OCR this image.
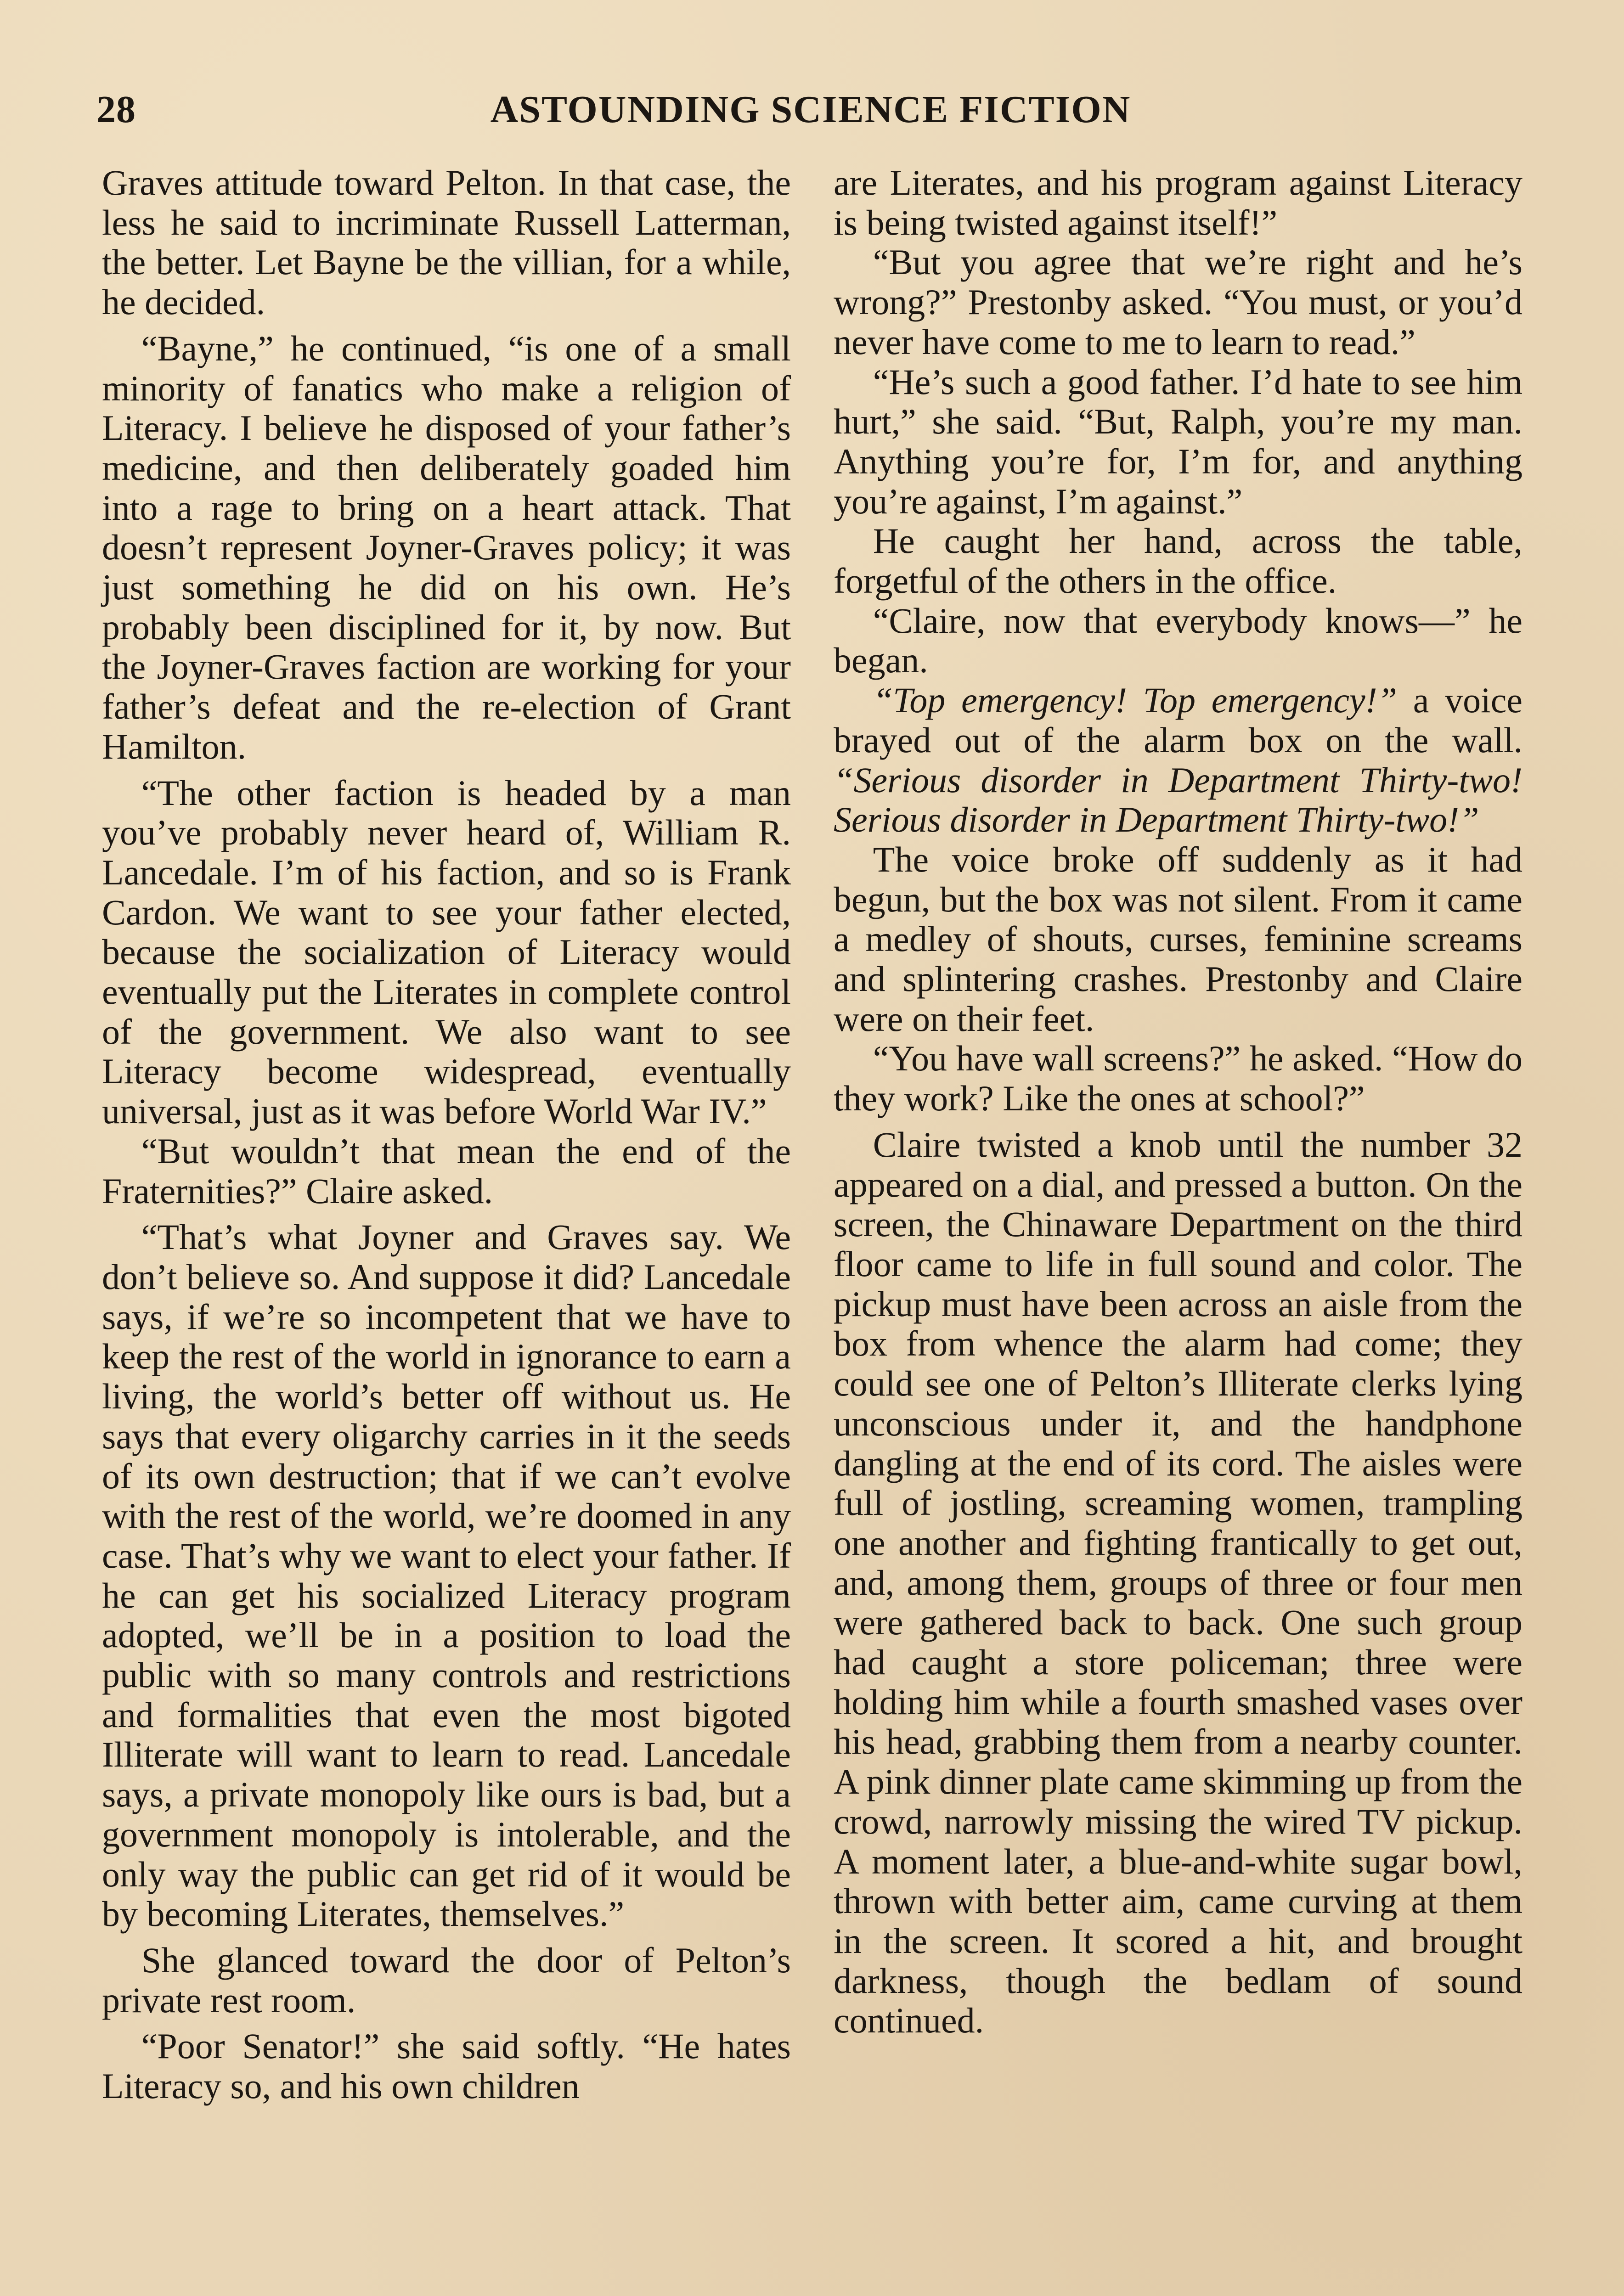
28	ASTOUNDING SCIENCE FICTION

Graves attitude toward Pelton. In that case, the less he said to incriminate Russell Latterman, the better. Let Bayne be the villian, for a while, he decided.

“Bayne,” he continued, “is one of a small minority of fanatics who make a religion of Literacy. I believe he disposed of your father’s medicine, and then deliberately goaded him into a rage to bring on a heart attack. That doesn’t represent Joyner-Graves policy; it was just something he did on his own. He’s probably been disciplined for it, by now. But the Joyner-Graves faction are working for your father’s defeat and the re-election of Grant Hamilton.

“The other faction is headed by a man you’ve probably never heard of, William R. Lancedale. I’m of his faction, and so is Frank Cardon. We want to see your father elected, because the socialization of Literacy would eventually put the Literates in complete control of the government. We also want to see Literacy become widespread, eventually universal, just as it was before World War IV.”

“But wouldn’t that mean the end of the Fraternities?” Claire asked.

“That’s what Joyner and Graves say. We don’t believe so. And suppose it did? Lancedale says, if we’re so incompetent that we have to keep the rest of the world in ignorance to earn a living, the world’s better off without us. He says that every oligarchy carries in it the seeds of its own destruction; that if we can’t evolve with the rest of the world, we’re doomed in any case. That’s why we want to elect your father. If he can get his socialized Literacy program adopted, we’ll be in a position to load the public with so many controls and restrictions and formalities that even the most bigoted Illiterate will want to learn to read. Lancedale says, a private monopoly like ours is bad, but a government monopoly is intolerable, and the only way the public can get rid of it would be by becoming Literates, themselves.”

She glanced toward the door of Pelton’s private rest room.

“Poor Senator!” she said softly. “He hates Literacy so, and his own children

are Literates, and his program against Literacy is being twisted against itself!”

“But you agree that we’re right and he’s wrong?” Prestonby asked. “You must, or you’d never have come to me to learn to read.”

“He’s such a good father. I’d hate to see him hurt,” she said. “But, Ralph, you’re my man. Anything you’re for, I’m for, and anything you’re against, I’m against.”

He caught her hand, across the table, forgetful of the others in the office.

“Claire, now that everybody knows—” he began.

“Top emergency! Top emergency!” a voice brayed out of the alarm box on the wall. “Serious disorder in Department Thirty-two! Serious disorder in Department Thirty-two!”

The voice broke off suddenly as it had begun, but the box was not silent. From it came a medley of shouts, curses, feminine screams and splintering crashes. Prestonby and Claire were on their feet.

“You have wall screens?” he asked. “How do they work? Like the ones at school?”

Claire twisted a knob until the number 32 appeared on a dial, and pressed a button. On the screen, the Chinaware Department on the third floor came to life in full sound and color. The pickup must have been across an aisle from the box from whence the alarm had come; they could see one of Pelton’s Illiterate clerks lying unconscious under it, and the handphone dangling at the end of its cord. The aisles were full of jostling, screaming women, trampling one another and fighting frantically to get out, and, among them, groups of three or four men were gathered back to back. One such group had caught a store policeman; three were holding him while a fourth smashed vases over his head, grabbing them from a nearby counter. A pink dinner plate came skimming up from the crowd, narrowly missing the wired TV pickup. A moment later, a blue-and-white sugar bowl, thrown with better aim, came curving at them in the screen. It scored a hit, and brought darkness, though the bedlam of sound continued.
